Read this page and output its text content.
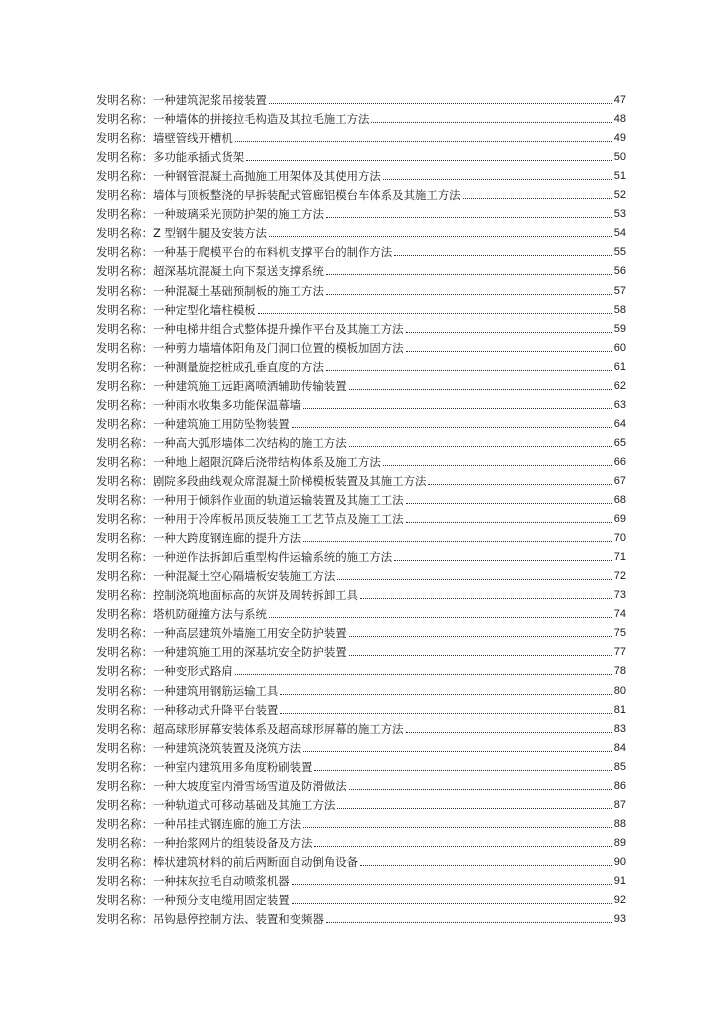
发明名称： 一种建筑泥浆吊接装置	47
发明名称： 一种墙体的拼接拉毛构造及其拉毛施工方法	48
发明名称： 墙壁管线开槽机	49
发明名称： 多功能承插式货架	50
发明名称： 一种钢管混凝土高抛施工用架体及其使用方法	51
发明名称： 墙体与顶板整浇的早拆装配式管廊铝模台车体系及其施工方法	52
发明名称： 一种玻璃采光顶防护架的施工方法	53
发明名称： Z 型钢牛腿及安装方法	54
发明名称： 一种基于爬模平台的布料机支撑平台的制作方法	55
发明名称： 超深基坑混凝土向下泵送支撑系统	56
发明名称： 一种混凝土基础预制板的施工方法	57
发明名称： 一种定型化墙柱模板	58
发明名称： 一种电梯井组合式整体提升操作平台及其施工方法	59
发明名称： 一种剪力墙墙体阳角及门洞口位置的模板加固方法	60
发明名称： 一种测量旋挖桩成孔垂直度的方法	61
发明名称： 一种建筑施工远距离喷洒辅助传输装置	62
发明名称： 一种雨水收集多功能保温幕墙	63
发明名称： 一种建筑施工用防坠物装置	64
发明名称： 一种高大弧形墙体二次结构的施工方法	65
发明名称： 一种地上超限沉降后浇带结构体系及施工方法	66
发明名称： 剧院多段曲线观众席混凝土阶梯模板装置及其施工方法	67
发明名称： 一种用于倾斜作业面的轨道运输装置及其施工工法	68
发明名称： 一种用于冷库板吊顶反装施工工艺节点及施工工法	69
发明名称： 一种大跨度钢连廊的提升方法	70
发明名称： 一种逆作法拆卸后重型构件运输系统的施工方法	71
发明名称： 一种混凝土空心隔墙板安装施工方法	72
发明名称： 控制浇筑地面标高的灰饼及周转拆卸工具	73
发明名称： 塔机防碰撞方法与系统	74
发明名称： 一种高层建筑外墙施工用安全防护装置	75
发明名称： 一种建筑施工用的深基坑安全防护装置	77
发明名称： 一种变形式路肩	78
发明名称： 一种建筑用钢筋运输工具	80
发明名称： 一种移动式升降平台装置	81
发明名称： 超高球形屏幕安装体系及超高球形屏幕的施工方法	83
发明名称： 一种建筑浇筑装置及浇筑方法	84
发明名称： 一种室内建筑用多角度粉刷装置	85
发明名称： 一种大坡度室内滑雪场雪道及防滑做法	86
发明名称： 一种轨道式可移动基础及其施工方法	87
发明名称： 一种吊挂式钢连廊的施工方法	88
发明名称： 一种抬浆网片的组装设备及方法	89
发明名称： 棒状建筑材料的前后两断面自动倒角设备	90
发明名称： 一种抹灰拉毛自动喷浆机器	91
发明名称： 一种预分支电缆用固定装置	92
发明名称： 吊钩悬停控制方法、装置和变频器	93
